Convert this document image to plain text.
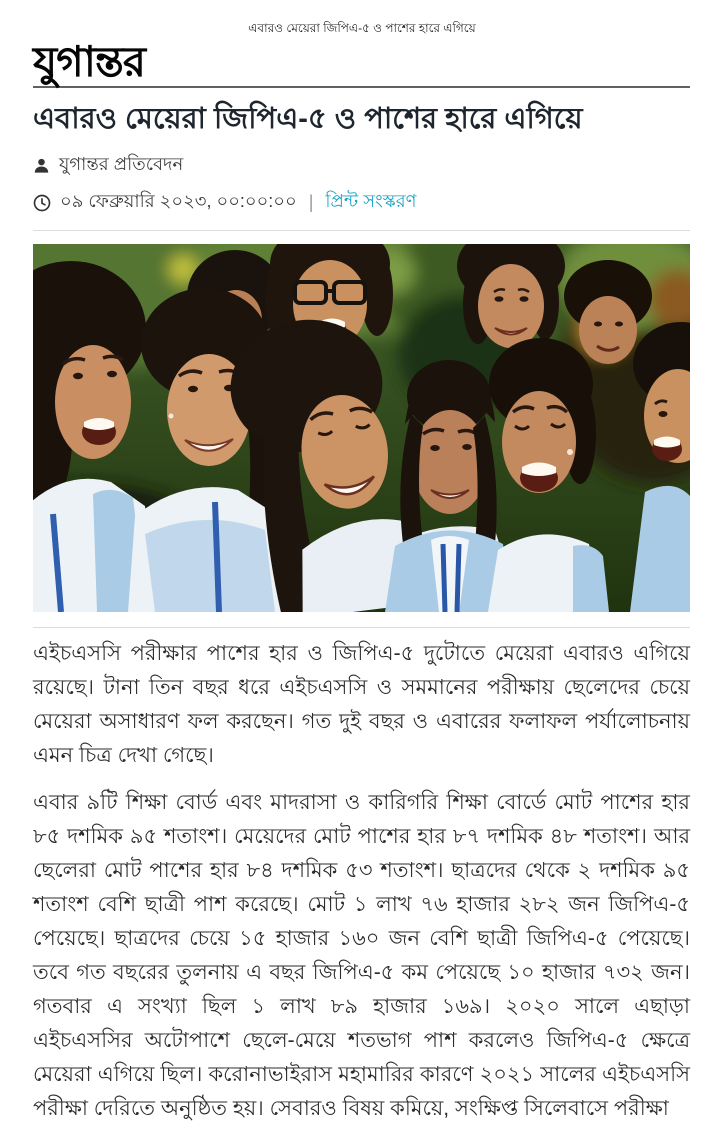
এবারও মেয়েরা জিপিএ-৫ ও পাশের হারে এগিয়ে
যুগান্তর
এবারও মেয়েরা জিপিএ-৫ ও পাশের হারে এগিয়ে
যুগান্তর প্রতিবেদন
০৯ ফেব্রুয়ারি ২০২৩, ০০:০০:০০ | প্রিন্ট সংস্করণ

এইচএসসি পরীক্ষার পাশের হার ও জিপিএ-৫ দুটোতে মেয়েরা এবারও এগিয়ে রয়েছে। টানা তিন বছর ধরে এইচএসসি ও সমমানের পরীক্ষায় ছেলেদের চেয়ে মেয়েরা অসাধারণ ফল করছেন। গত দুই বছর ও এবারের ফলাফল পর্যালোচনায় এমন চিত্র দেখা গেছে।

এবার ৯টি শিক্ষা বোর্ড এবং মাদরাসা ও কারিগরি শিক্ষা বোর্ডে মোট পাশের হার ৮৫ দশমিক ৯৫ শতাংশ। মেয়েদের মোট পাশের হার ৮৭ দশমিক ৪৮ শতাংশ। আর ছেলেরা মোট পাশের হার ৮৪ দশমিক ৫৩ শতাংশ। ছাত্রদের থেকে ২ দশমিক ৯৫ শতাংশ বেশি ছাত্রী পাশ করেছে। মোট ১ লাখ ৭৬ হাজার ২৮২ জন জিপিএ-৫ পেয়েছে। ছাত্রদের চেয়ে ১৫ হাজার ১৬০ জন বেশি ছাত্রী জিপিএ-৫ পেয়েছে। তবে গত বছরের তুলনায় এ বছর জিপিএ-৫ কম পেয়েছে ১০ হাজার ৭৩২ জন। গতবার এ সংখ্যা ছিল ১ লাখ ৮৯ হাজার ১৬৯। ২০২০ সালে এছাড়া এইচএসসির অটোপাশে ছেলে-মেয়ে শতভাগ পাশ করলেও জিপিএ-৫ ক্ষেত্রে মেয়েরা এগিয়ে ছিল। করোনাভাইরাস মহামারির কারণে ২০২১ সালের এইচএসসি পরীক্ষা দেরিতে অনুষ্ঠিত হয়। সেবারও বিষয় কমিয়ে, সংক্ষিপ্ত সিলেবাসে পরীক্ষা
